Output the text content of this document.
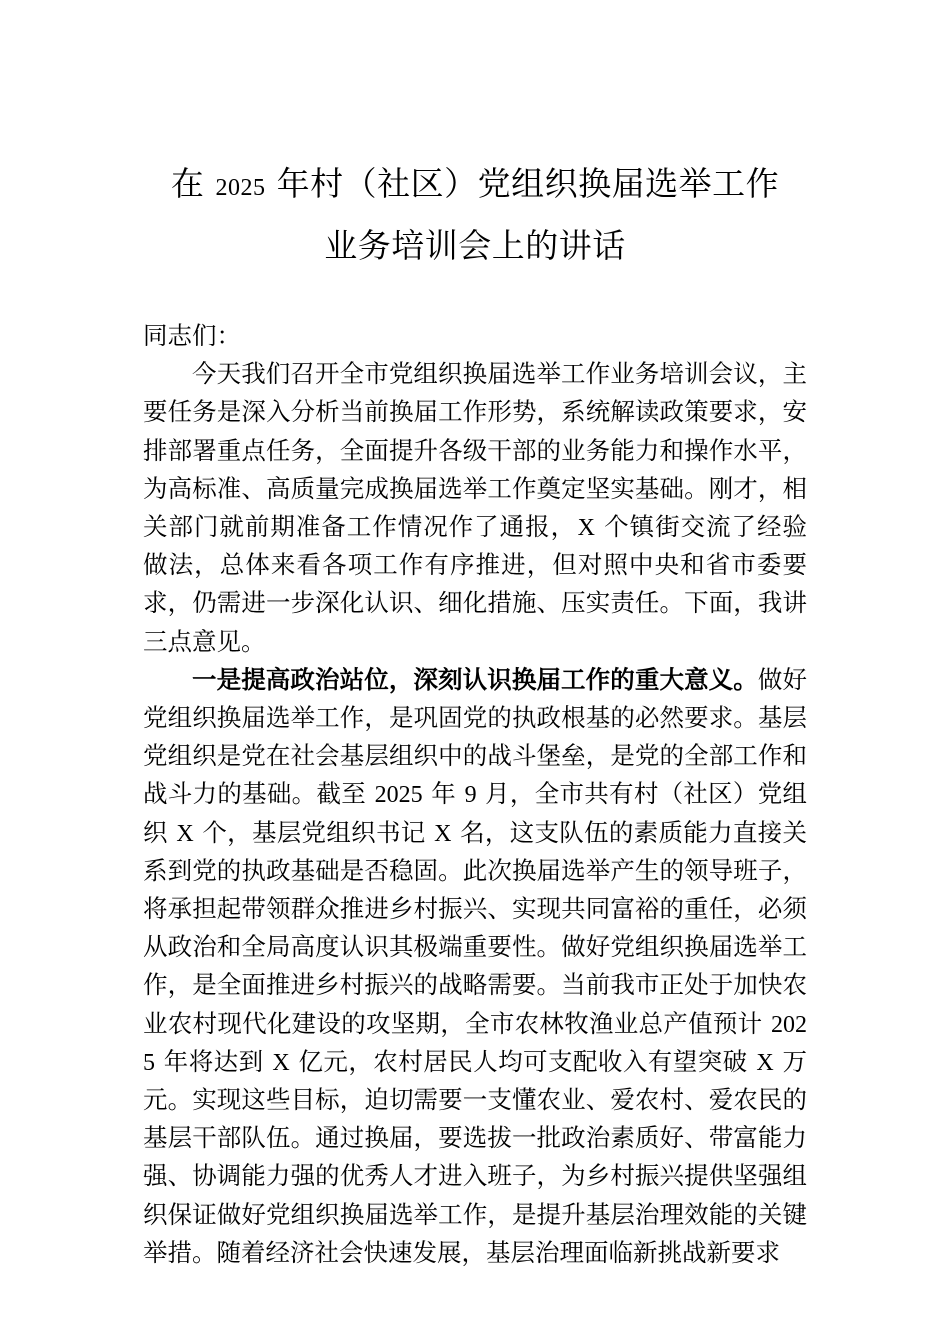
在 2025 年村（社区）党组织换届选举工作
业务培训会上的讲话

同志们：

今天我们召开全市党组织换届选举工作业务培训会议，主要任务是深入分析当前换届工作形势，系统解读政策要求，安排部署重点任务，全面提升各级干部的业务能力和操作水平，为高标准、高质量完成换届选举工作奠定坚实基础。刚才，相关部门就前期准备工作情况作了通报，X 个镇街交流了经验做法，总体来看各项工作有序推进，但对照中央和省市委要求，仍需进一步深化认识、细化措施、压实责任。下面，我讲三点意见。

一是提高政治站位，深刻认识换届工作的重大意义。做好党组织换届选举工作，是巩固党的执政根基的必然要求。基层党组织是党在社会基层组织中的战斗堡垒，是党的全部工作和战斗力的基础。截至 2025 年 9 月，全市共有村（社区）党组织 X 个，基层党组织书记 X 名，这支队伍的素质能力直接关系到党的执政基础是否稳固。此次换届选举产生的领导班子，将承担起带领群众推进乡村振兴、实现共同富裕的重任，必须从政治和全局高度认识其极端重要性。做好党组织换届选举工作，是全面推进乡村振兴的战略需要。当前我市正处于加快农业农村现代化建设的攻坚期，全市农林牧渔业总产值预计 2025 年将达到 X 亿元，农村居民人均可支配收入有望突破 X 万元。实现这些目标，迫切需要一支懂农业、爱农村、爱农民的基层干部队伍。通过换届，要选拔一批政治素质好、带富能力强、协调能力强的优秀人才进入班子，为乡村振兴提供坚强组织保证做好党组织换届选举工作，是提升基层治理效能的关键举措。随着经济社会快速发展，基层治理面临新挑战新要求
